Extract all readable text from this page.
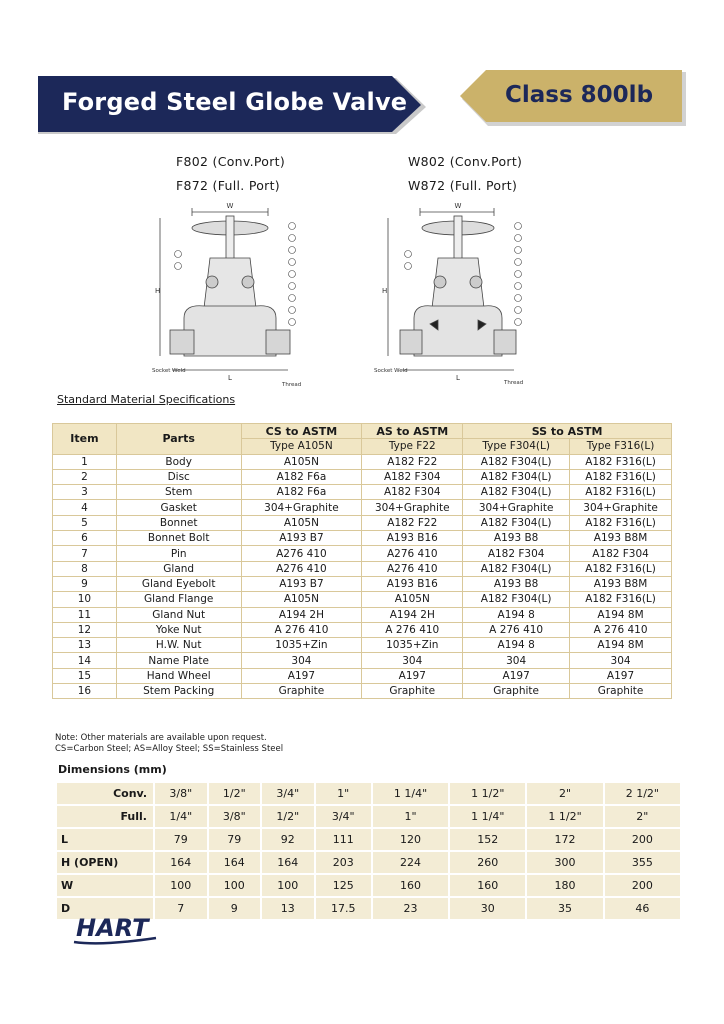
Forged Steel Globe Valve	Class 800lb
F802 (Conv.Port)
F872 (Full. Port)
W802 (Conv.Port)
W872 (Full. Port)
W
H
L
Socket Weld
Thread
W
H
L
Socket Weld
Thread
Standard Material Specifications
Item	Parts	CS to ASTM	AS to ASTM	SS to ASTM	
		Type A105N	Type F22	Type F304(L)	Type F316(L)
1	Body	A105N	A182 F22	A182 F304(L)	A182 F316(L)
2	Disc	A182 F6a	A182 F304	A182 F304(L)	A182 F316(L)
3	Stem	A182 F6a	A182 F304	A182 F304(L)	A182 F316(L)
4	Gasket	304+Graphite	304+Graphite	304+Graphite	304+Graphite
5	Bonnet	A105N	A182 F22	A182 F304(L)	A182 F316(L)
6	Bonnet Bolt	A193 B7	A193 B16	A193 B8	A193 B8M
7	Pin	A276 410	A276 410	A182 F304	A182 F304
8	Gland	A276 410	A276 410	A182 F304(L)	A182 F316(L)
9	Gland Eyebolt	A193 B7	A193 B16	A193 B8	A193 B8M
10	Gland Flange	A105N	A105N	A182 F304(L)	A182 F316(L)
11	Gland Nut	A194 2H	A194 2H	A194 8	A194 8M
12	Yoke Nut	A 276 410	A 276 410	A 276 410	A 276 410
13	H.W. Nut	1035+Zin	1035+Zin	A194 8	A194 8M
14	Name Plate	304	304	304	304
15	Hand Wheel	A197	A197	A197	A197
16	Stem Packing	Graphite	Graphite	Graphite	Graphite
Note: Other materials are available upon request.
CS=Carbon Steel; AS=Alloy Steel; SS=Stainless Steel
Dimensions (mm)
Conv.	3/8"	1/2"	3/4"	1"	1 1/4"	1 1/2"	2"	2 1/2"
Full.	1/4"	3/8"	1/2"	3/4"	1"	1 1/4"	1 1/2"	2"
L	79	79	92	111	120	152	172	200
H (OPEN)	164	164	164	203	224	260	300	355
W	100	100	100	125	160	160	180	200
D	7	9	13	17.5	23	30	35	46
HART
